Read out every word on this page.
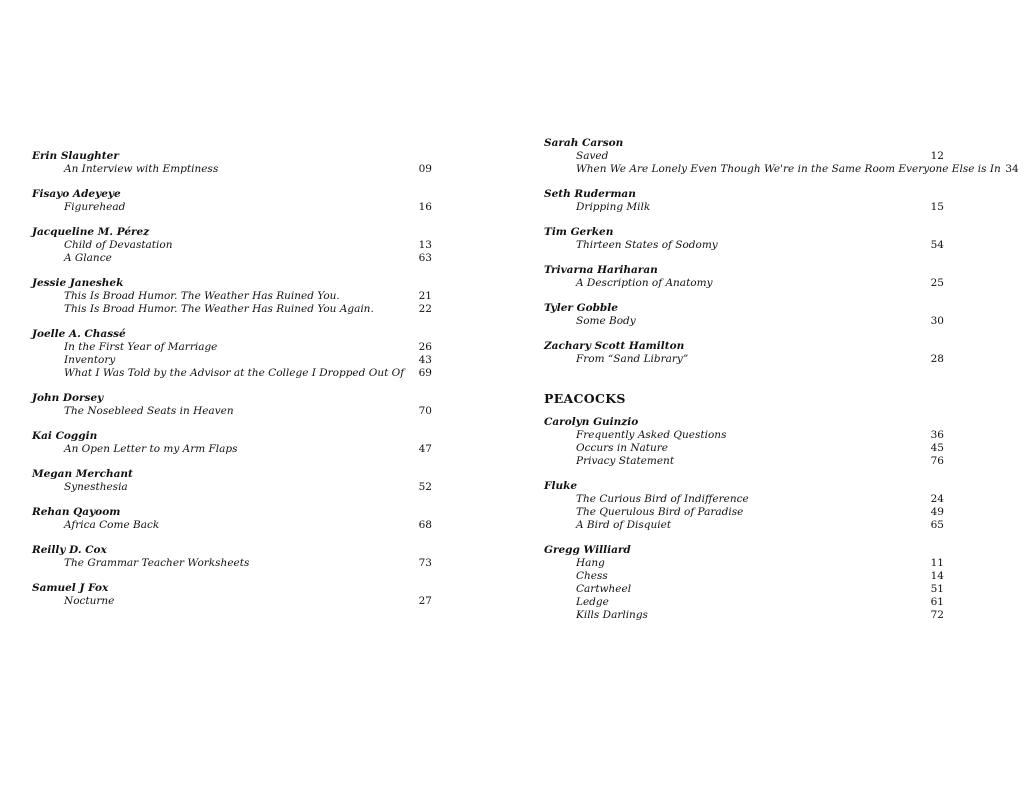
Erin Slaughter
An Interview with Emptiness	09
Fisayo Adeyeye
Figurehead	16
Jacqueline M. Pérez
Child of Devastation	13
A Glance	63
Jessie Janeshek
This Is Broad Humor. The Weather Has Ruined You.	21
This Is Broad Humor. The Weather Has Ruined You Again.	22
Joelle A. Chassé
In the First Year of Marriage	26
Inventory	43
What I Was Told by the Advisor at the College I Dropped Out Of	69
John Dorsey
The Nosebleed Seats in Heaven	70
Kai Coggin
An Open Letter to my Arm Flaps	47
Megan Merchant
Synesthesia	52
Rehan Qayoom
Africa Come Back	68
Reilly D. Cox
The Grammar Teacher Worksheets	73
Samuel J Fox
Nocturne	27
Sarah Carson
Saved	12
When We Are Lonely Even Though We're in the Same Room Everyone Else is In 34
Seth Ruderman
Dripping Milk	15
Tim Gerken
Thirteen States of Sodomy	54
Trivarna Hariharan
A Description of Anatomy	25
Tyler Gobble
Some Body	30
Zachary Scott Hamilton
From “Sand Library”	28
PEACOCKS
Carolyn Guinzio
Frequently Asked Questions	36
Occurs in Nature	45
Privacy Statement	76
Fluke
The Curious Bird of Indifference	24
The Querulous Bird of Paradise	49
A Bird of Disquiet	65
Gregg Williard
Hang	11
Chess	14
Cartwheel	51
Ledge	61
Kills Darlings	72
